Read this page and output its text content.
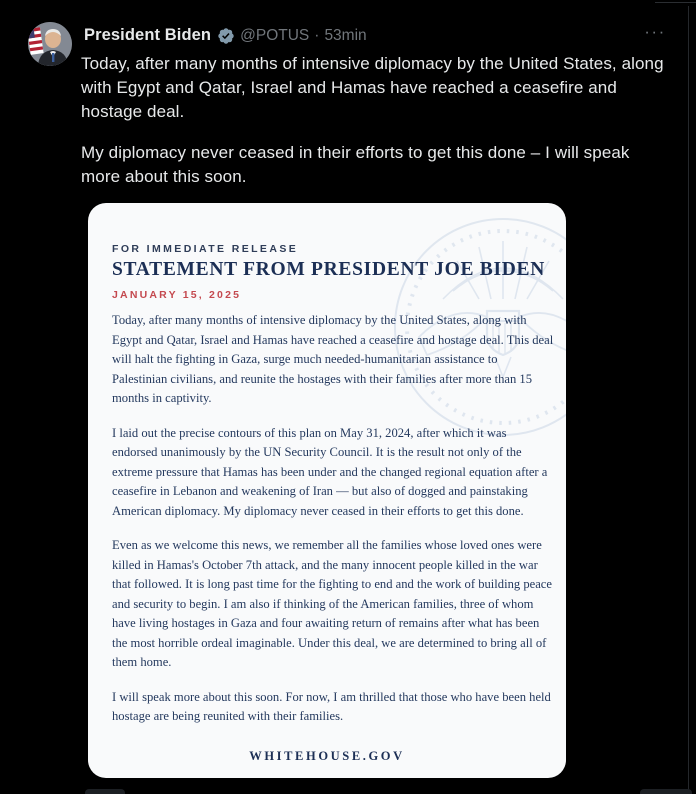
President Biden @POTUS · 53min	···

Today, after many months of intensive diplomacy by the United States, along with Egypt and Qatar, Israel and Hamas have reached a ceasefire and hostage deal.

My diplomacy never ceased in their efforts to get this done – I will speak more about this soon.

FOR IMMEDIATE RELEASE
STATEMENT FROM PRESIDENT JOE BIDEN
JANUARY 15, 2025

Today, after many months of intensive diplomacy by the United States, along with Egypt and Qatar, Israel and Hamas have reached a ceasefire and hostage deal. This deal will halt the fighting in Gaza, surge much needed-humanitarian assistance to Palestinian civilians, and reunite the hostages with their families after more than 15 months in captivity.

I laid out the precise contours of this plan on May 31, 2024, after which it was endorsed unanimously by the UN Security Council. It is the result not only of the extreme pressure that Hamas has been under and the changed regional equation after a ceasefire in Lebanon and weakening of Iran — but also of dogged and painstaking American diplomacy. My diplomacy never ceased in their efforts to get this done.

Even as we welcome this news, we remember all the families whose loved ones were killed in Hamas's October 7th attack, and the many innocent people killed in the war that followed. It is long past time for the fighting to end and the work of building peace and security to begin. I am also if thinking of the American families, three of whom have living hostages in Gaza and four awaiting return of remains after what has been the most horrible ordeal imaginable. Under this deal, we are determined to bring all of them home.

I will speak more about this soon. For now, I am thrilled that those who have been held hostage are being reunited with their families.

WHITEHOUSE.GOV
